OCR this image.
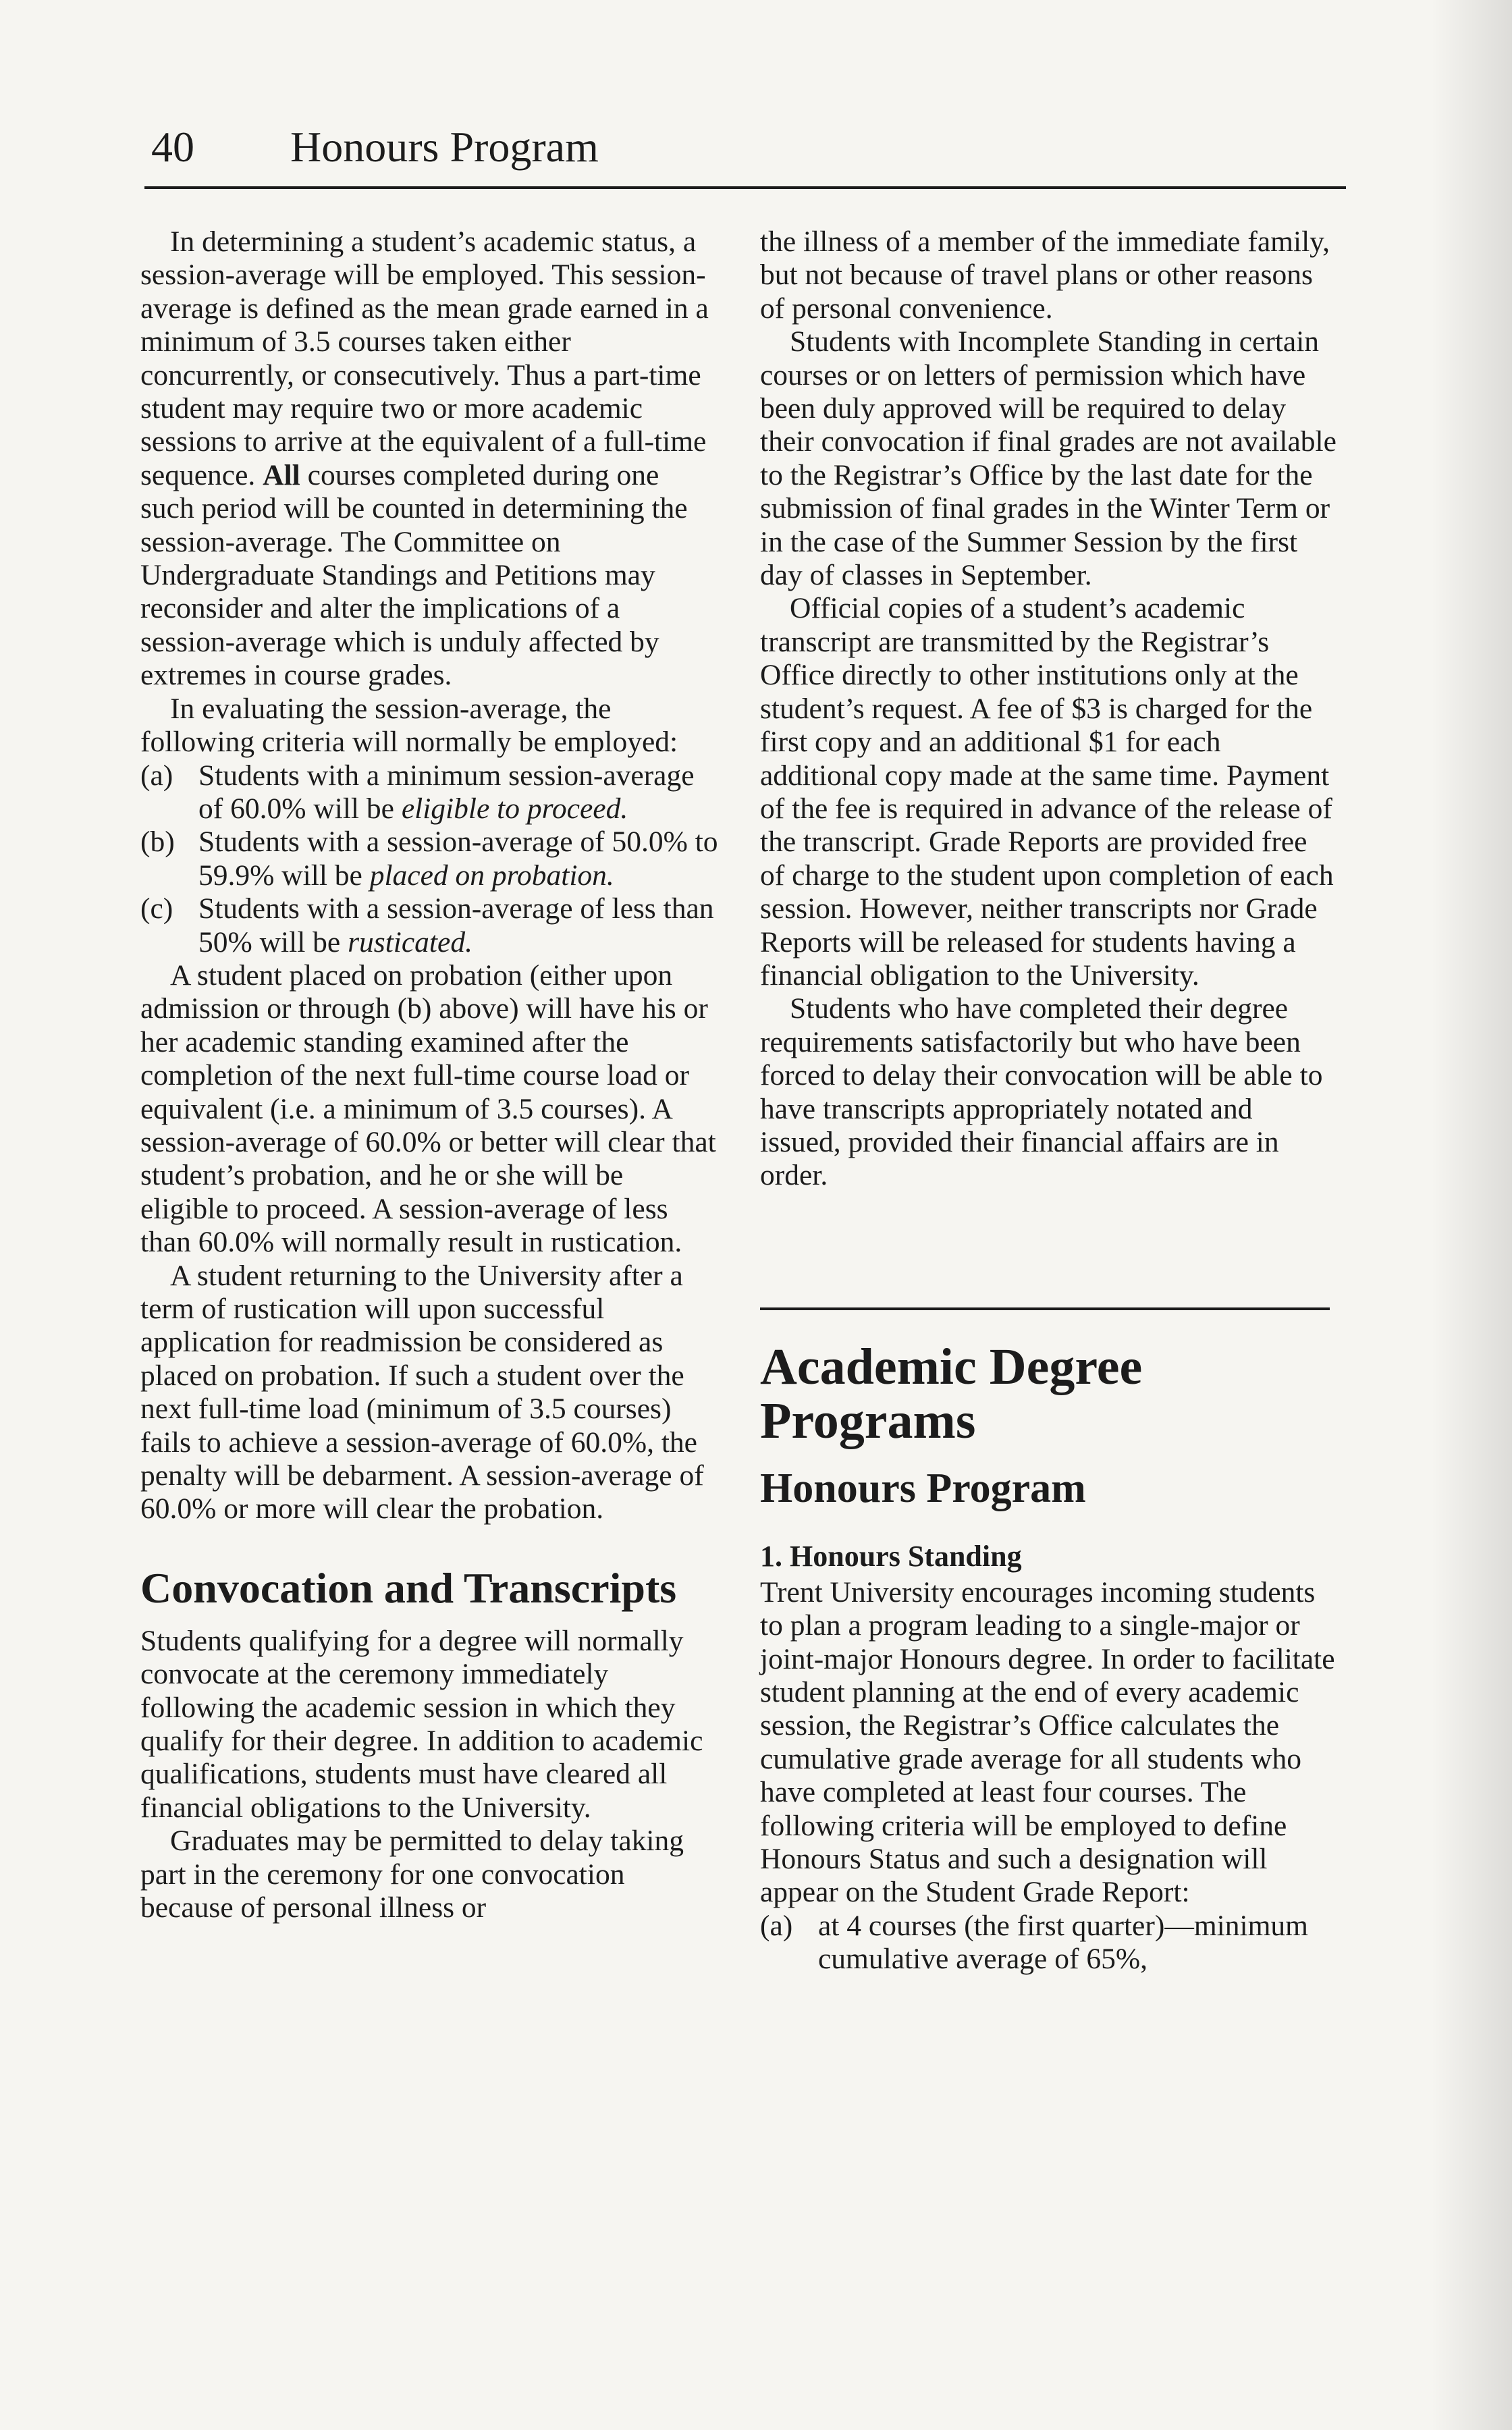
40 Honours Program

In determining a student’s academic status, a session-average will be employed. This session-average is defined as the mean grade earned in a minimum of 3.5 courses taken either concurrently, or consecutively. Thus a part-time student may require two or more academic sessions to arrive at the equivalent of a full-time sequence. All courses completed during one such period will be counted in determining the session-average. The Committee on Undergraduate Standings and Petitions may reconsider and alter the implications of a session-average which is unduly affected by extremes in course grades.

In evaluating the session-average, the following criteria will normally be employed:

(a) Students with a minimum session-average of 60.0% will be eligible to proceed.
(b) Students with a session-average of 50.0% to 59.9% will be placed on probation.
(c) Students with a session-average of less than 50% will be rusticated.

A student placed on probation (either upon admission or through (b) above) will have his or her academic standing examined after the completion of the next full-time course load or equivalent (i.e. a minimum of 3.5 courses). A session-average of 60.0% or better will clear that student’s probation, and he or she will be eligible to proceed. A session-average of less than 60.0% will normally result in rustication.

A student returning to the University after a term of rustication will upon successful application for readmission be considered as placed on probation. If such a student over the next full-time load (minimum of 3.5 courses) fails to achieve a session-average of 60.0%, the penalty will be debarment. A session-average of 60.0% or more will clear the probation.

Convocation and Transcripts

Students qualifying for a degree will normally convocate at the ceremony immediately following the academic session in which they qualify for their degree. In addition to academic qualifications, students must have cleared all financial obligations to the University.

Graduates may be permitted to delay taking part in the ceremony for one convocation because of personal illness or

the illness of a member of the immediate family, but not because of travel plans or other reasons of personal convenience.

Students with Incomplete Standing in certain courses or on letters of permission which have been duly approved will be required to delay their convocation if final grades are not available to the Registrar’s Office by the last date for the submission of final grades in the Winter Term or in the case of the Summer Session by the first day of classes in September.

Official copies of a student’s academic transcript are transmitted by the Registrar’s Office directly to other institutions only at the student’s request. A fee of $3 is charged for the first copy and an additional $1 for each additional copy made at the same time. Payment of the fee is required in advance of the release of the transcript. Grade Reports are provided free of charge to the student upon completion of each session. However, neither transcripts nor Grade Reports will be released for students having a financial obligation to the University.

Students who have completed their degree requirements satisfactorily but who have been forced to delay their convocation will be able to have transcripts appropriately notated and issued, provided their financial affairs are in order.

Academic Degree Programs
Honours Program
1. Honours Standing

Trent University encourages incoming students to plan a program leading to a single-major or joint-major Honours degree. In order to facilitate student planning at the end of every academic session, the Registrar’s Office calculates the cumulative grade average for all students who have completed at least four courses. The following criteria will be employed to define Honours Status and such a designation will appear on the Student Grade Report:

(a) at 4 courses (the first quarter)—minimum cumulative average of 65%,
